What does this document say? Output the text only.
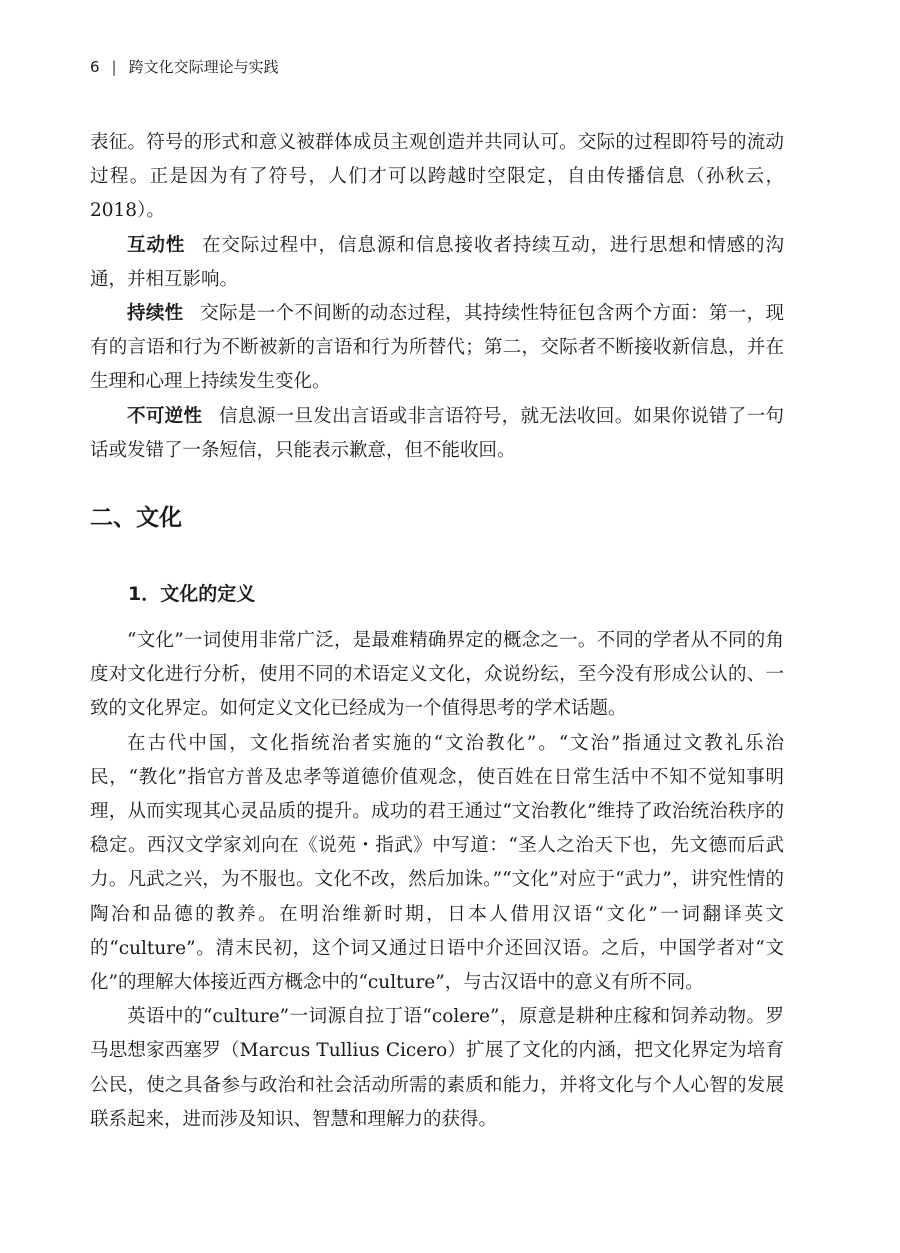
6 | 跨文化交际理论与实践

表征。符号的形式和意义被群体成员主观创造并共同认可。交际的过程即符号的流动过程。正是因为有了符号，人们才可以跨越时空限定，自由传播信息（孙秋云，2018）。

互动性 在交际过程中，信息源和信息接收者持续互动，进行思想和情感的沟通，并相互影响。

持续性 交际是一个不间断的动态过程，其持续性特征包含两个方面：第一，现有的言语和行为不断被新的言语和行为所替代；第二，交际者不断接收新信息，并在生理和心理上持续发生变化。

不可逆性 信息源一旦发出言语或非言语符号，就无法收回。如果你说错了一句话或发错了一条短信，只能表示歉意，但不能收回。

二、文化
1．文化的定义

“文化”一词使用非常广泛，是最难精确界定的概念之一。不同的学者从不同的角度对文化进行分析，使用不同的术语定义文化，众说纷纭，至今没有形成公认的、一致的文化界定。如何定义文化已经成为一个值得思考的学术话题。

在古代中国，文化指统治者实施的“文治教化”。“文治”指通过文教礼乐治民，“教化”指官方普及忠孝等道德价值观念，使百姓在日常生活中不知不觉知事明理，从而实现其心灵品质的提升。成功的君王通过“文治教化”维持了政治统治秩序的稳定。西汉文学家刘向在《说苑・指武》中写道：“圣人之治天下也，先文德而后武力。凡武之兴，为不服也。文化不改，然后加诛。”“文化”对应于“武力”，讲究性情的陶冶和品德的教养。在明治维新时期，日本人借用汉语“文化”一词翻译英文的“culture”。清末民初，这个词又通过日语中介还回汉语。之后，中国学者对“文化”的理解大体接近西方概念中的“culture”，与古汉语中的意义有所不同。

英语中的“culture”一词源自拉丁语“colere”，原意是耕种庄稼和饲养动物。罗马思想家西塞罗（Marcus Tullius Cicero）扩展了文化的内涵，把文化界定为培育公民，使之具备参与政治和社会活动所需的素质和能力，并将文化与个人心智的发展联系起来，进而涉及知识、智慧和理解力的获得。
